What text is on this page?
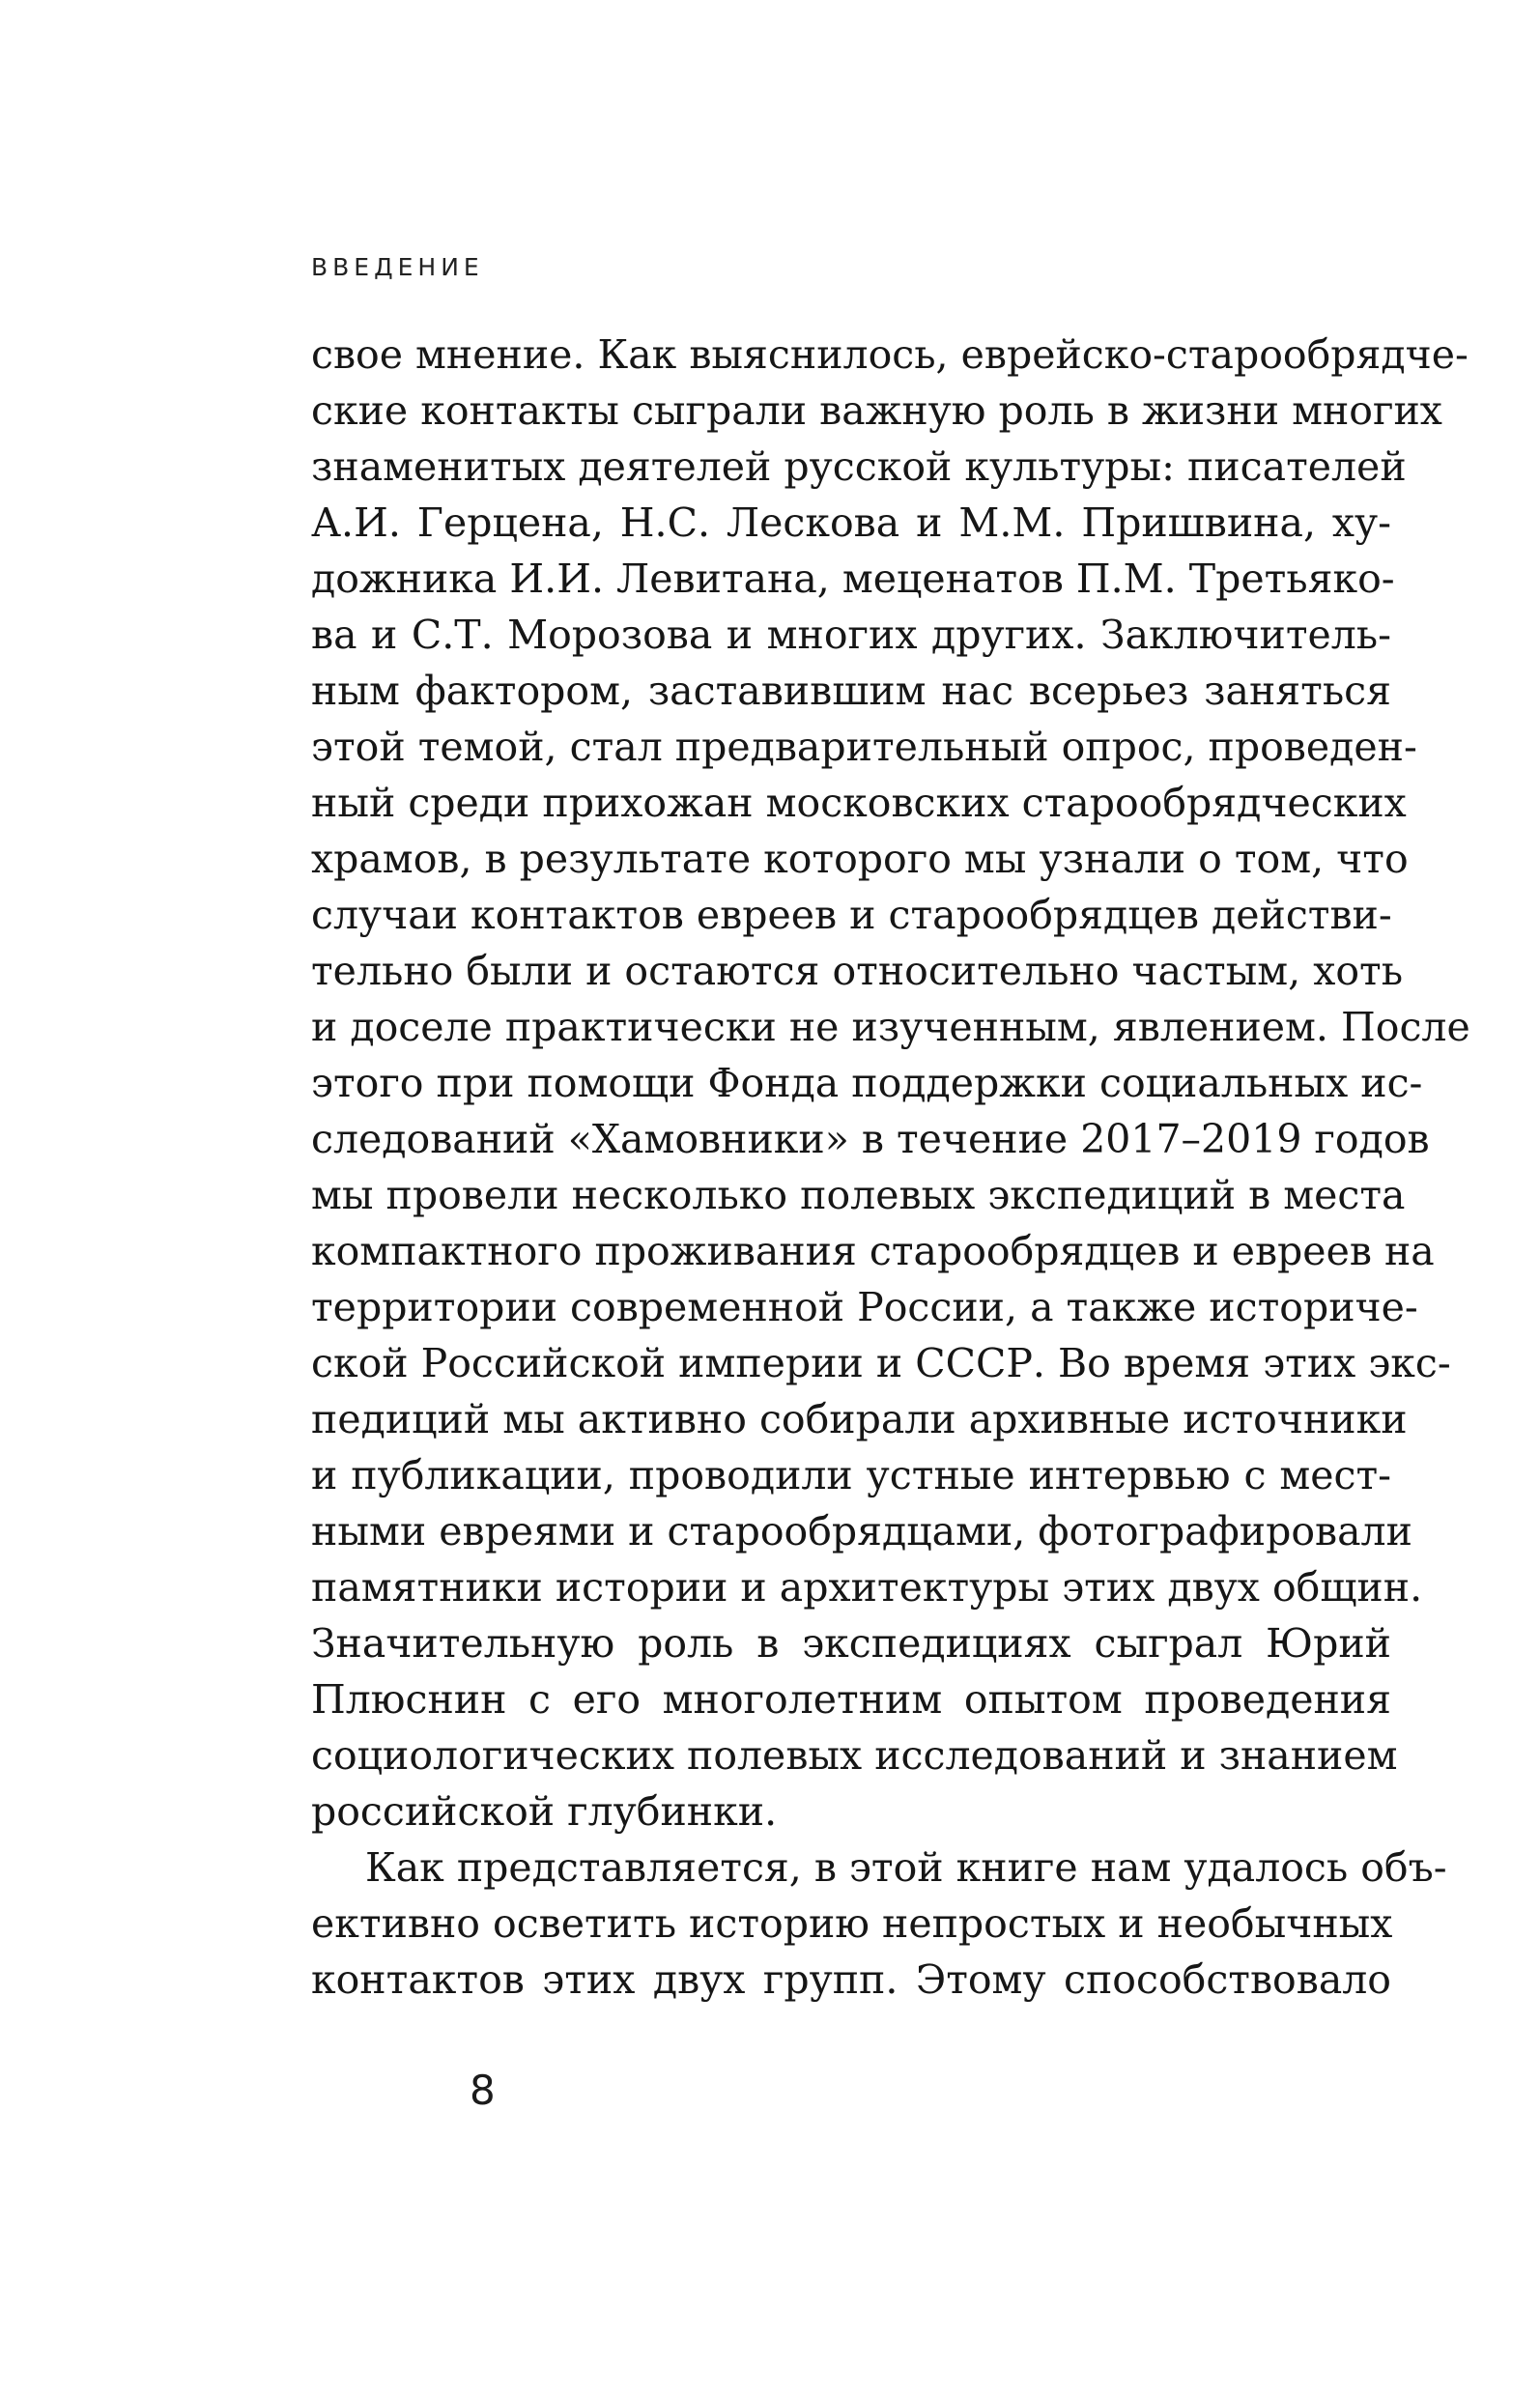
ВВЕДЕНИЕ
свое мнение. Как выяснилось, еврейско-старообрядче-
ские контакты сыграли важную роль в жизни многих
знаменитых деятелей русской культуры: писателей
А.И. Герцена, Н.С. Лескова и М.М. Пришвина, ху-
дожника И.И. Левитана, меценатов П.М. Третьяко-
ва и С.Т. Морозова и многих других. Заключитель-
ным фактором, заставившим нас всерьез заняться
этой темой, стал предварительный опрос, проведен-
ный среди прихожан московских старообрядческих
храмов, в результате которого мы узнали о том, что
случаи контактов евреев и старообрядцев действи-
тельно были и остаются относительно частым, хоть
и доселе практически не изученным, явлением. После
этого при помощи Фонда поддержки социальных ис-
следований «Хамовники» в течение 2017–2019 годов
мы провели несколько полевых экспедиций в места
компактного проживания старообрядцев и евреев на
территории современной России, а также историче-
ской Российской империи и СССР. Во время этих экс-
педиций мы активно собирали архивные источники
и публикации, проводили устные интервью с мест-
ными евреями и старообрядцами, фотографировали
памятники истории и архитектуры этих двух общин.
Значительную роль в экспедициях сыграл Юрий
Плюснин с его многолетним опытом проведения
социологических полевых исследований и знанием
российской глубинки.
Как представляется, в этой книге нам удалось объ-
ективно осветить историю непростых и необычных
контактов этих двух групп. Этому способствовало
8
